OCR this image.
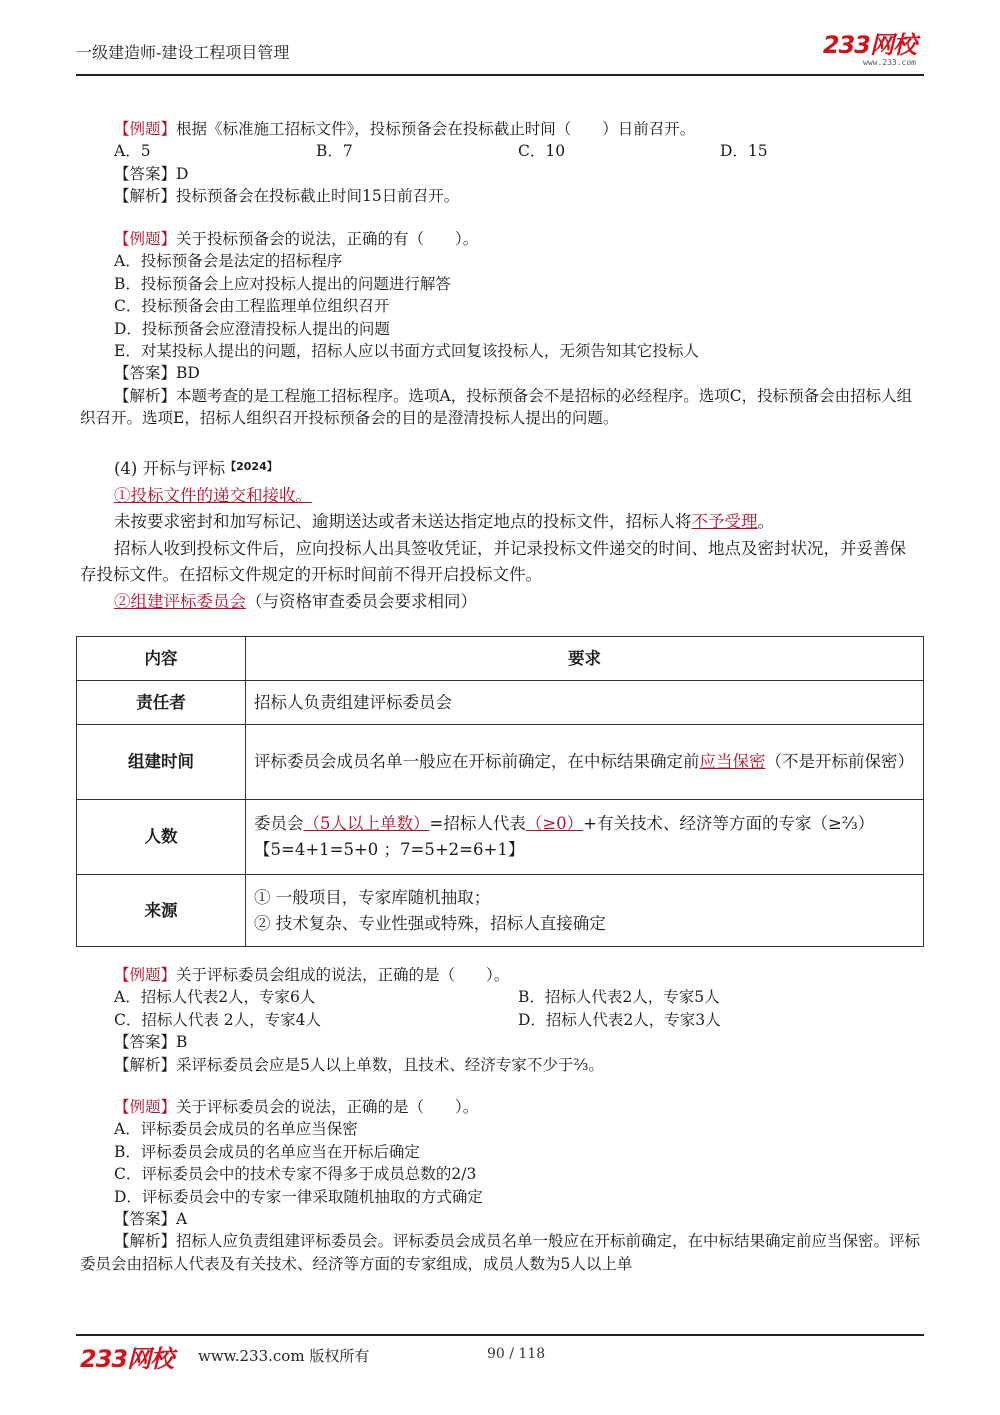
一级建造师-建设工程项目管理	233网校
www.233.com

【例题】根据《标准施工招标文件》，投标预备会在投标截止时间（　　）日前召开。

A．5	B．7	C．10	D．15

【答案】D

【解析】投标预备会在投标截止时间15日前召开。

【例题】关于投标预备会的说法，正确的有（　　）。

A．投标预备会是法定的招标程序

B．投标预备会上应对投标人提出的问题进行解答

C．投标预备会由工程监理单位组织召开

D．投标预备会应澄清投标人提出的问题

E．对某投标人提出的问题，招标人应以书面方式回复该投标人，无须告知其它投标人

【答案】BD

【解析】本题考查的是工程施工招标程序。选项A，投标预备会不是招标的必经程序。选项C，投标预备会由招标人组织召开。选项E，招标人组织召开投标预备会的目的是澄清投标人提出的问题。

(4) 开标与评标$^{【2024】}$

①投标文件的递交和接收。

未按要求密封和加写标记、逾期送达或者未送达指定地点的投标文件，招标人将不予受理。

招标人收到投标文件后，应向投标人出具签收凭证，并记录投标文件递交的时间、地点及密封状况，并妥善保存投标文件。在招标文件规定的开标时间前不得开启投标文件。

②组建评标委员会（与资格审查委员会要求相同）

内容	要求
责任者	招标人负责组建评标委员会
组建时间	评标委员会成员名单一般应在开标前确定，在中标结果确定前应当保密（不是开标前保密）
人数	委员会（5人以上单数）=招标人代表（≥0）+有关技术、经济等方面的专家（≥⅔）【5=4+1=5+0 ；7=5+2=6+1】
来源	① 一般项目，专家库随机抽取；
② 技术复杂、专业性强或特殊，招标人直接确定

【例题】关于评标委员会组成的说法，正确的是（　　）。

A．招标人代表2人，专家6人	B．招标人代表2人，专家5人
C．招标人代表 2人，专家4人	D．招标人代表2人，专家3人

【答案】B

【解析】采评标委员会应是5人以上单数，且技术、经济专家不少于⅔。

【例题】关于评标委员会的说法，正确的是（　　）。

A．评标委员会成员的名单应当保密

B．评标委员会成员的名单应当在开标后确定

C．评标委员会中的技术专家不得多于成员总数的2/3

D．评标委员会中的专家一律采取随机抽取的方式确定

【答案】A

【解析】招标人应负责组建评标委员会。评标委员会成员名单一般应在开标前确定，在中标结果确定前应当保密。评标委员会由招标人代表及有关技术、经济等方面的专家组成，成员人数为5人以上单

233网校 www.233.com 版权所有	90 / 118
